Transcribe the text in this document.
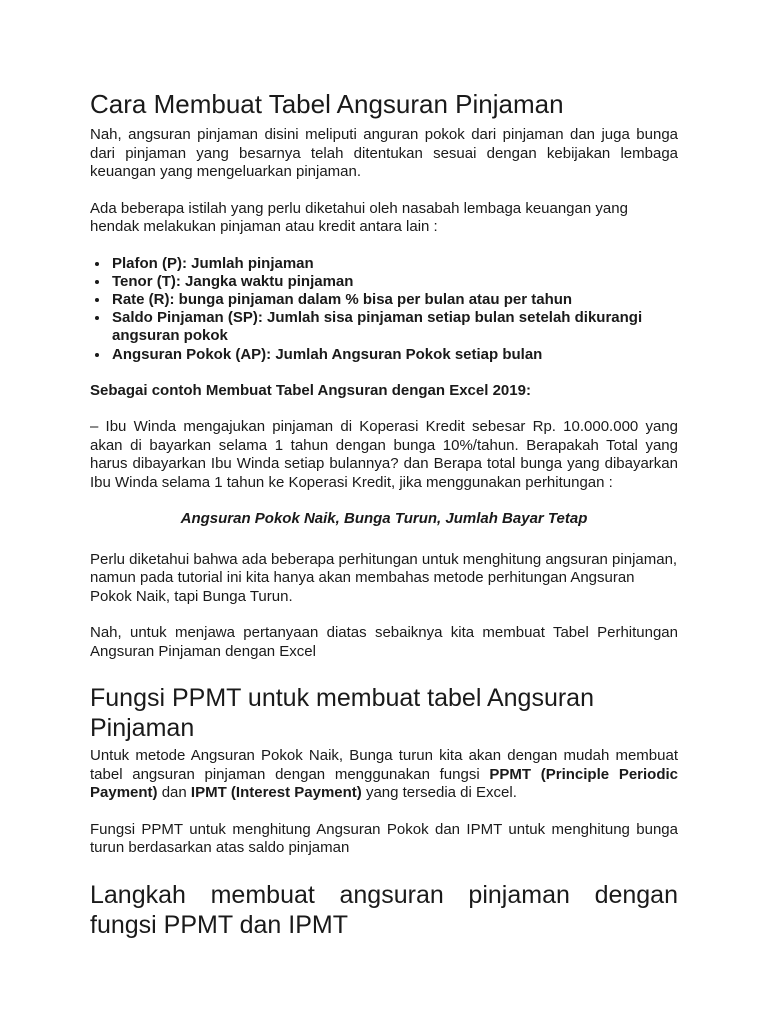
Cara Membuat Tabel Angsuran Pinjaman

Nah, angsuran pinjaman disini meliputi anguran pokok dari pinjaman dan juga bunga dari pinjaman yang besarnya telah ditentukan sesuai dengan kebijakan lembaga keuangan yang mengeluarkan pinjaman.

Ada beberapa istilah yang perlu diketahui oleh nasabah lembaga keuangan yang hendak melakukan pinjaman atau kredit antara lain :

• Plafon (P): Jumlah pinjaman
• Tenor (T): Jangka waktu pinjaman
• Rate (R): bunga pinjaman dalam % bisa per bulan atau per tahun
• Saldo Pinjaman (SP): Jumlah sisa pinjaman setiap bulan setelah dikurangi angsuran pokok
• Angsuran Pokok (AP): Jumlah Angsuran Pokok setiap bulan

Sebagai contoh Membuat Tabel Angsuran dengan Excel 2019:

– Ibu Winda mengajukan pinjaman di Koperasi Kredit sebesar Rp. 10.000.000 yang akan di bayarkan selama 1 tahun dengan bunga 10%/tahun. Berapakah Total yang harus dibayarkan Ibu Winda setiap bulannya? dan Berapa total bunga yang dibayarkan Ibu Winda selama 1 tahun ke Koperasi Kredit, jika menggunakan perhitungan :

Angsuran Pokok Naik, Bunga Turun, Jumlah Bayar Tetap

Perlu diketahui bahwa ada beberapa perhitungan untuk menghitung angsuran pinjaman, namun pada tutorial ini kita hanya akan membahas metode perhitungan Angsuran Pokok Naik, tapi Bunga Turun.

Nah, untuk menjawa pertanyaan diatas sebaiknya kita membuat Tabel Perhitungan Angsuran Pinjaman dengan Excel

Fungsi PPMT untuk membuat tabel Angsuran Pinjaman

Untuk metode Angsuran Pokok Naik, Bunga turun kita akan dengan mudah membuat tabel angsuran pinjaman dengan menggunakan fungsi PPMT (Principle Periodic Payment) dan IPMT (Interest Payment) yang tersedia di Excel.

Fungsi PPMT untuk menghitung Angsuran Pokok dan IPMT untuk menghitung bunga turun berdasarkan atas saldo pinjaman

Langkah membuat angsuran pinjaman dengan fungsi PPMT dan IPMT
